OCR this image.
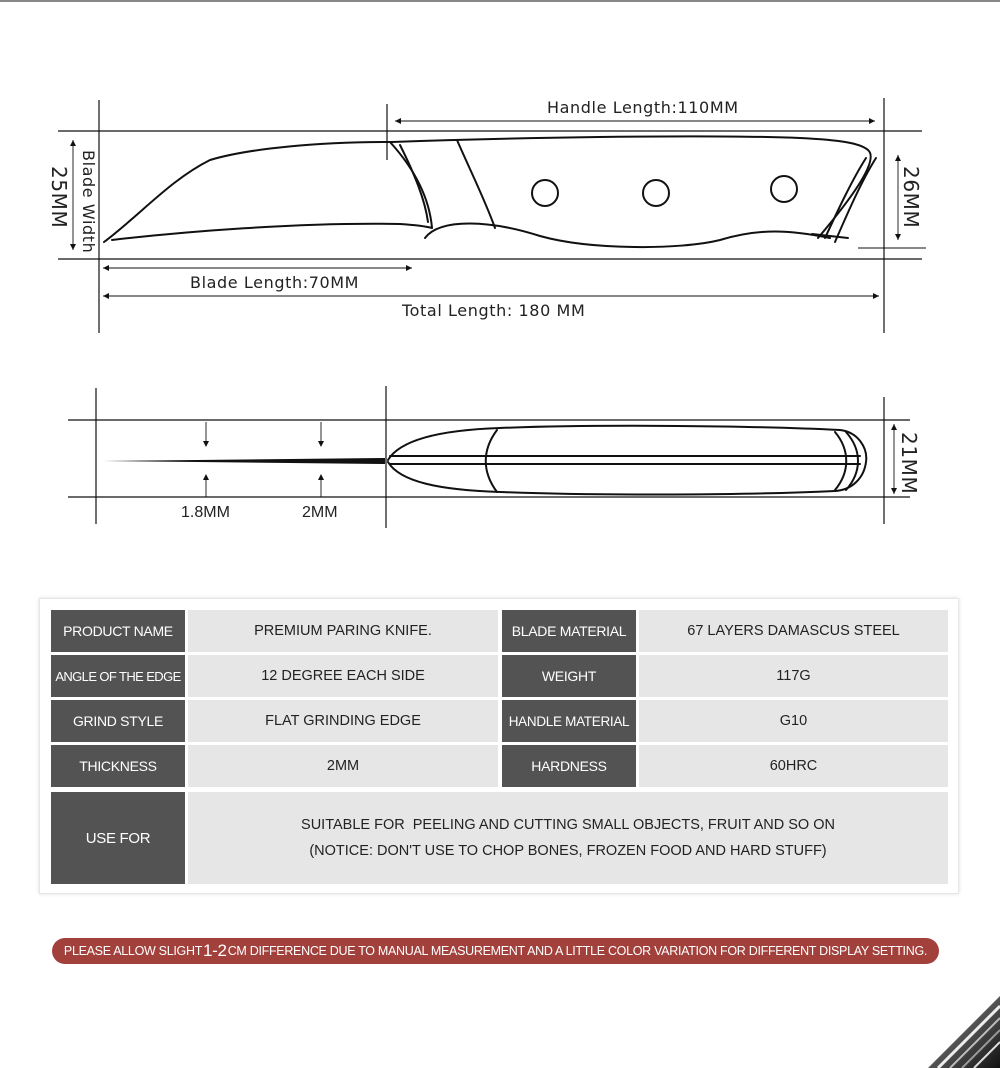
Handle Length:110MM
Blade Width
25MM	26MM
Blade Length:70MM
Total Length: 180 MM
1.8MM	2MM
21MM
PRODUCT NAME	PREMIUM PARING KNIFE.	BLADE MATERIAL	67 LAYERS DAMASCUS STEEL
ANGLE OF THE EDGE	12 DEGREE EACH SIDE	WEIGHT	117G
GRIND STYLE	FLAT GRINDING EDGE	HANDLE MATERIAL	G10
THICKNESS	2MM	HARDNESS	60HRC
USE FOR
SUITABLE FOR  PEELING AND CUTTING SMALL OBJECTS, FRUIT AND SO ON
(NOTICE: DON'T USE TO CHOP BONES, FROZEN FOOD AND HARD STUFF)
PLEASE ALLOW SLIGHT 1-2 CM DIFFERENCE DUE TO MANUAL MEASUREMENT AND A LITTLE COLOR VARIATION FOR DIFFERENT DISPLAY SETTING.
